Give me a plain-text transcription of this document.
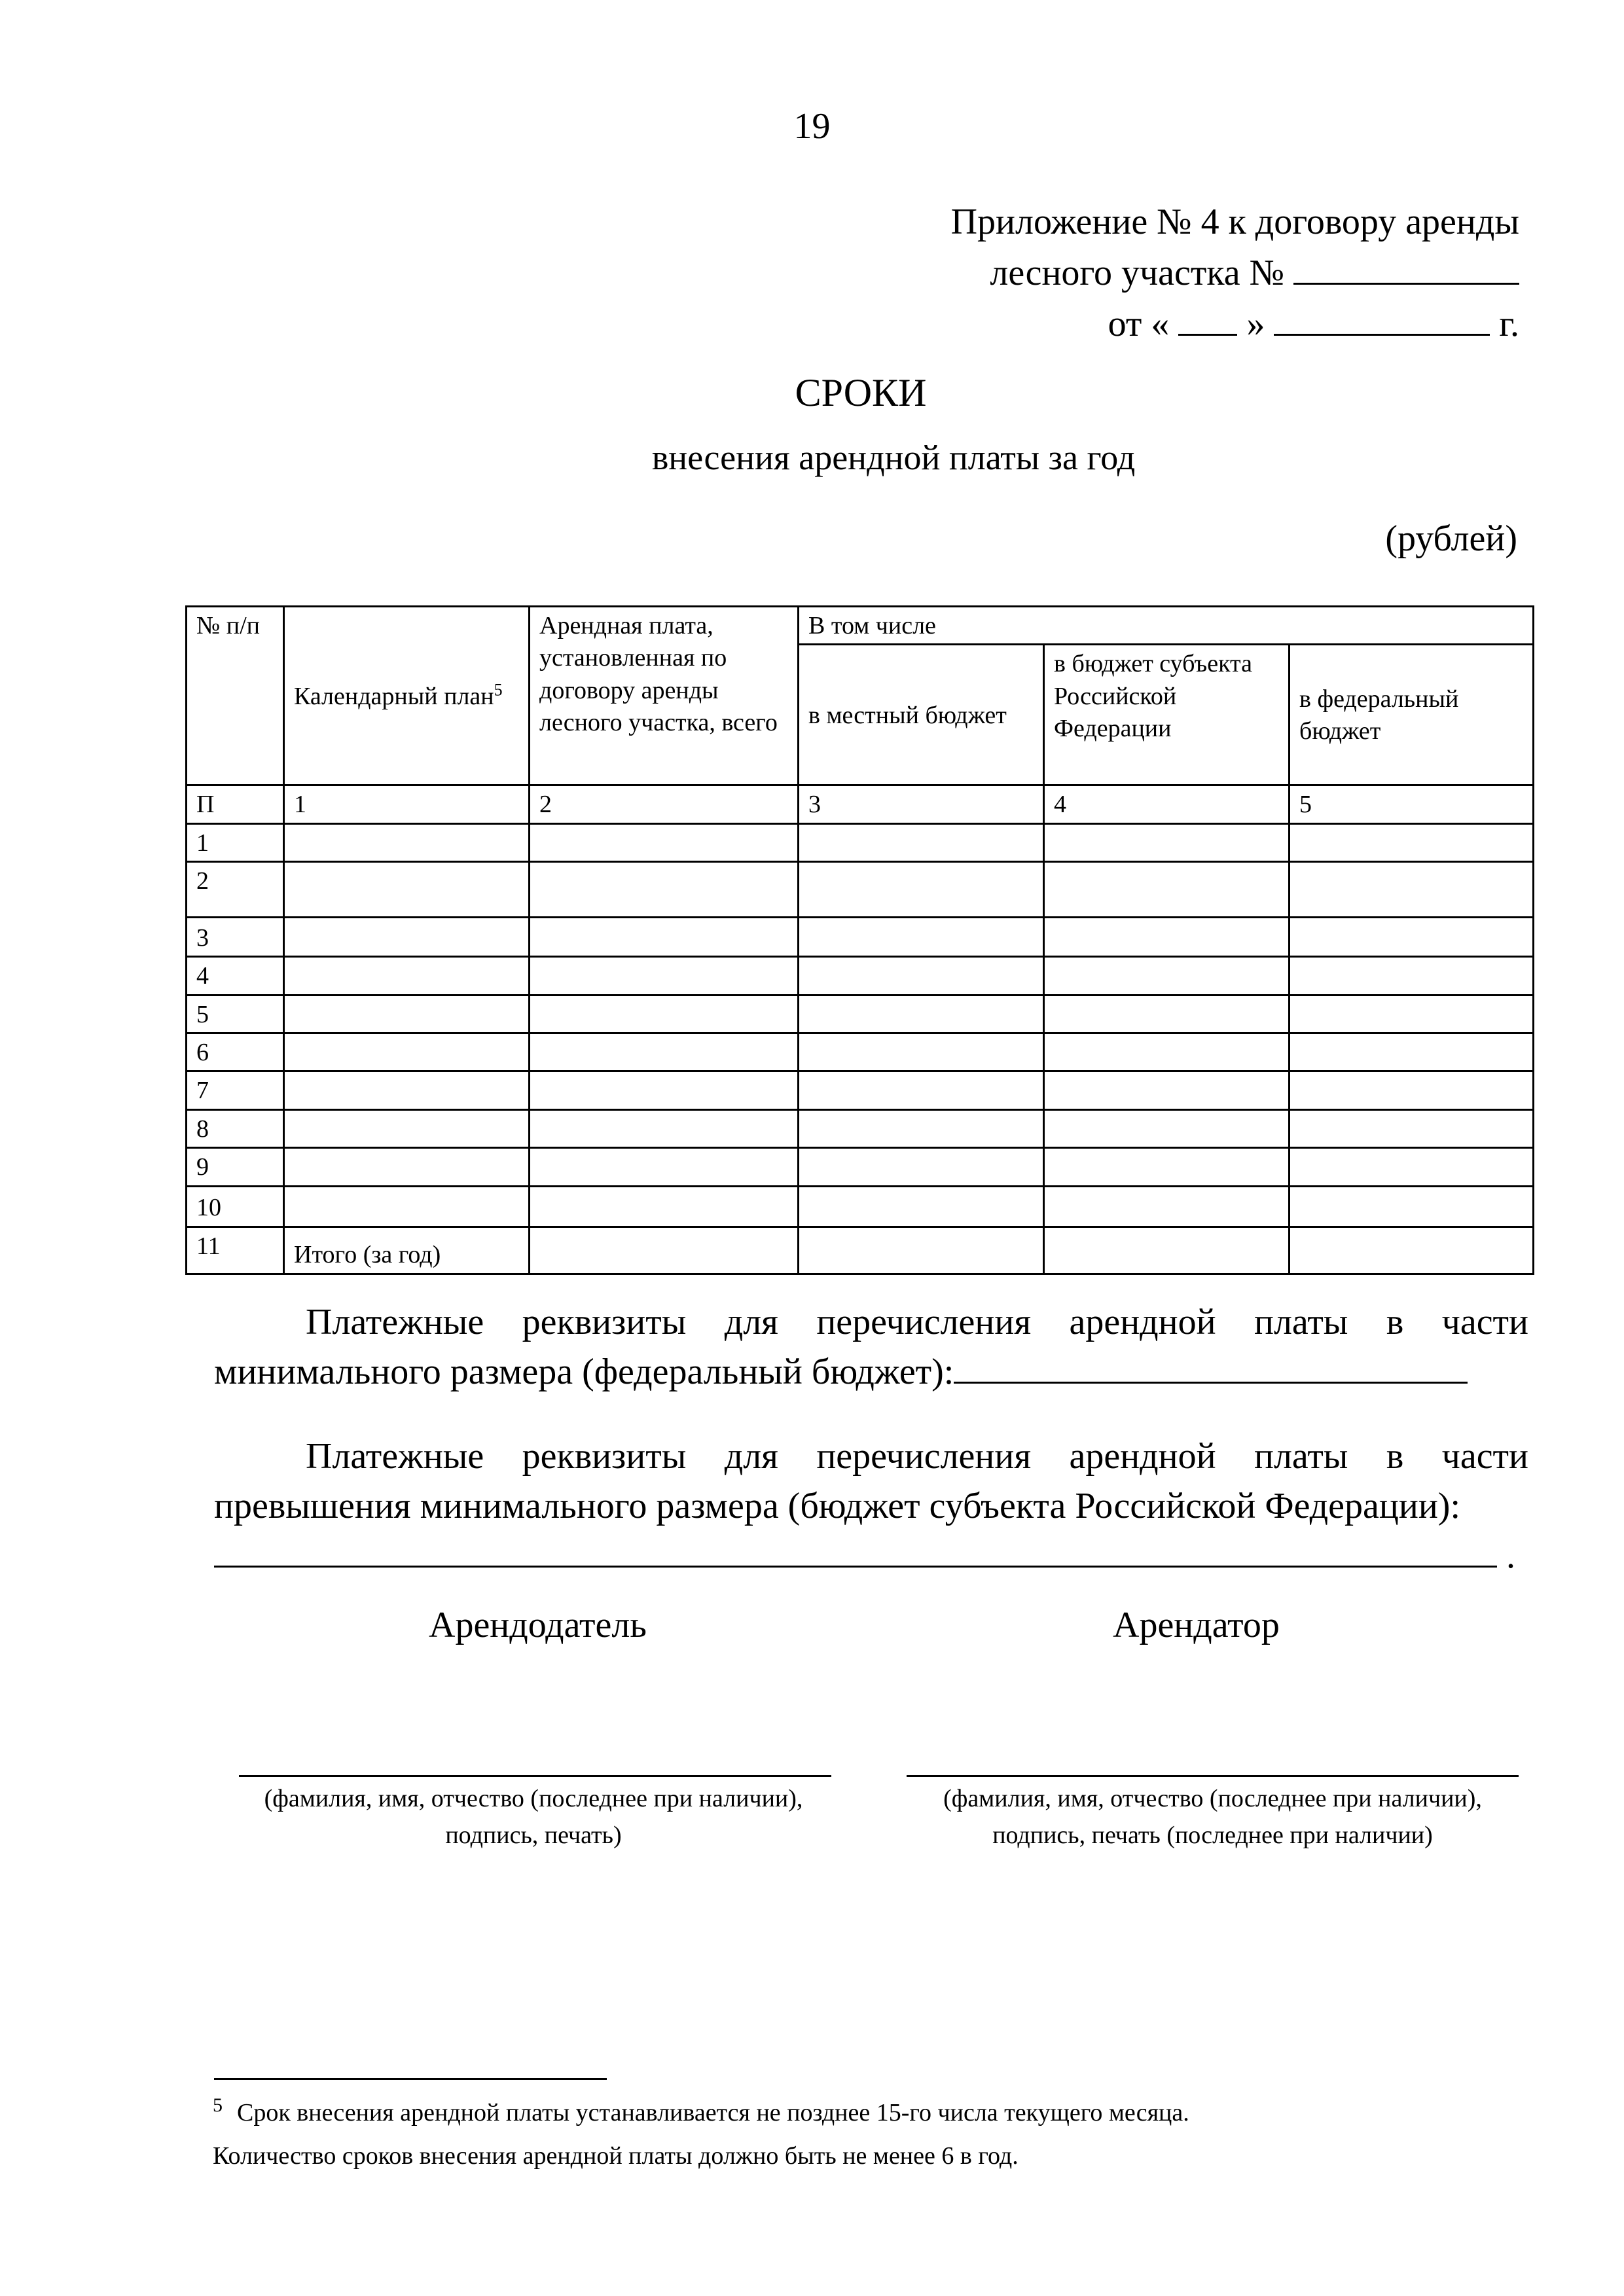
19
Приложение № 4 к договору аренды
лесного участка №
от « »	г.
СРОКИ
внесения арендной платы за год
(рублей)
№ п/п	Календарный план$^5$	Арендная плата, установленная по договору аренды лесного участка, всего	В том числе		
			в местный бюджет	в бюджет субъекта Российской Федерации	в федеральный бюджет
П	1	2	3	4	5
1					
2					
3					
4					
5					
6					
7					
8					
9					
10					
11	Итого (за год)				
Платежные реквизиты для перечисления арендной платы в части
минимального размера (федеральный бюджет):
Платежные реквизиты для перечисления арендной платы в части
превышения минимального размера (бюджет субъекта Российской Федерации):
.
Арендодатель	Арендатор
(фамилия, имя, отчество (последнее при наличии),
подпись, печать)
(фамилия, имя, отчество (последнее при наличии),
подпись, печать (последнее при наличии)
$^5$ Срок внесения арендной платы устанавливается не позднее 15-го числа текущего месяца.
Количество сроков внесения арендной платы должно быть не менее 6 в год.
